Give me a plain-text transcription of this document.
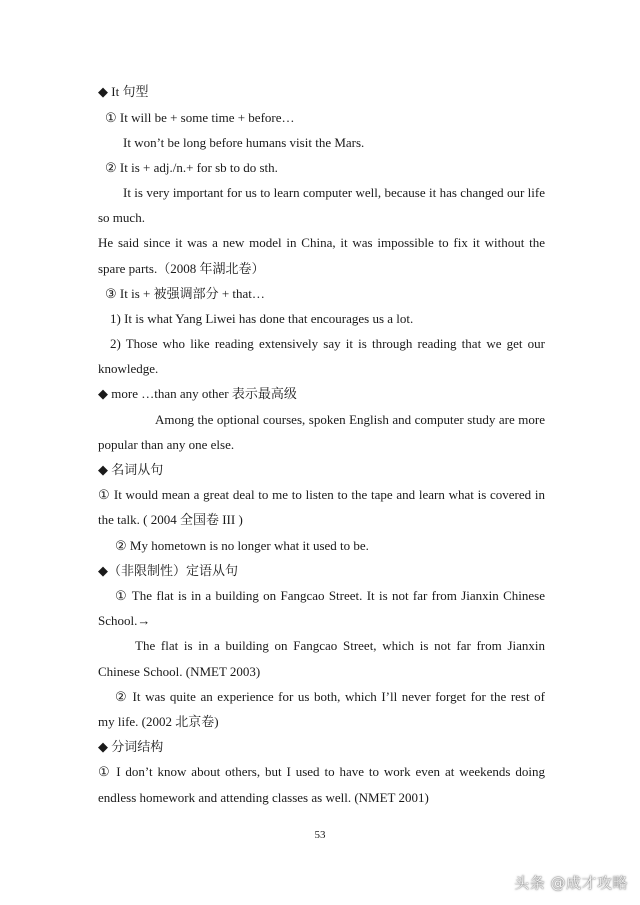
◆ It 句型
① It will be + some time + before…
It won’t be long before humans visit the Mars.
② It is + adj./n.+ for sb to do sth.
It is very important for us to learn computer well, because it has changed our life
so much.
He said since it was a new model in China, it was impossible to fix it without the
spare parts.（2008 年湖北卷）
③ It is + 被强调部分 + that…
1) It is what Yang Liwei has done that encourages us a lot.
2) Those who like reading extensively say it is through reading that we get our
knowledge.
◆ more …than any other 表示最高级
Among the optional courses, spoken English and computer study are more
popular than any one else.
◆ 名词从句
① It would mean a great deal to me to listen to the tape and learn what is covered in
the talk. ( 2004 全国卷 III )
② My hometown is no longer what it used to be.
◆（非限制性）定语从句
① The flat is in a building on Fangcao Street. It is not far from Jianxin Chinese
School.→
The flat is in a building on Fangcao Street, which is not far from Jianxin
Chinese School. (NMET 2003)
② It was quite an experience for us both, which I’ll never forget for the rest of
my life. (2002 北京卷)
◆ 分词结构
① I don’t know about others, but I used to have to work even at weekends doing
endless homework and attending classes as well. (NMET 2001)
53
头条 @成才攻略
